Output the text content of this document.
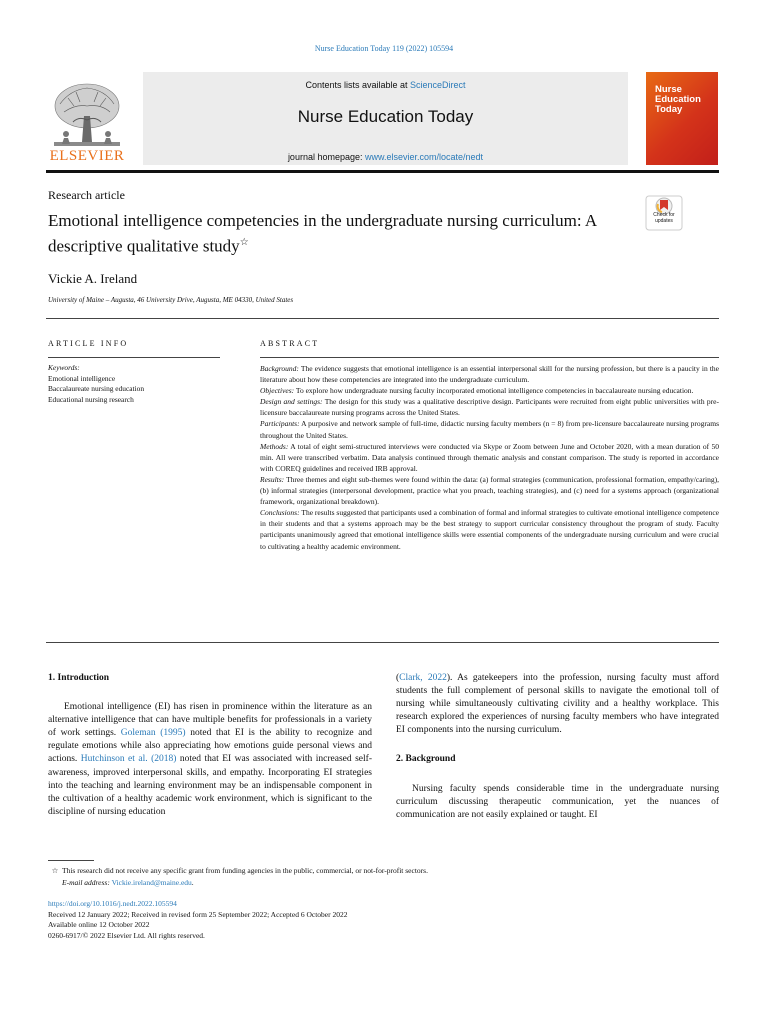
Nurse Education Today 119 (2022) 105594
Contents lists available at ScienceDirect
Nurse Education Today
journal homepage: www.elsevier.com/locate/nedt
ELSEVIER
Nurse
Education
Today
Research article
Emotional intelligence competencies in the undergraduate nursing curriculum: A descriptive qualitative study☆
Check for
updates
Vickie A. Ireland
University of Maine – Augusta, 46 University Drive, Augusta, ME 04330, United States
ARTICLE INFO	ABSTRACT
Keywords:
Emotional intelligence
Baccalaureate nursing education
Educational nursing research

Background: The evidence suggests that emotional intelligence is an essential interpersonal skill for the nursing profession, but there is a paucity in the literature about how these competencies are integrated into the undergraduate curriculum.

Objectives: To explore how undergraduate nursing faculty incorporated emotional intelligence competencies in baccalaureate nursing education.

Design and settings: The design for this study was a qualitative descriptive design. Participants were recruited from eight public universities with pre-licensure baccalaureate nursing programs across the United States.

Participants: A purposive and network sample of full-time, didactic nursing faculty members (n = 8) from pre-licensure baccalaureate nursing programs throughout the United States.

Methods: A total of eight semi-structured interviews were conducted via Skype or Zoom between June and October 2020, with a mean duration of 50 min. All were transcribed verbatim. Data analysis continued through thematic analysis and constant comparison. The study is reported in accordance with COREQ guidelines and received IRB approval.

Results: Three themes and eight sub-themes were found within the data: (a) formal strategies (communication, professional formation, empathy/caring), (b) informal strategies (interpersonal development, practice what you preach, teaching strategies), and (c) need for a systems approach (organizational framework, organizational breakdown).

Conclusions: The results suggested that participants used a combination of formal and informal strategies to cultivate emotional intelligence competence in their students and that a systems approach may be the best strategy to support curricular consistency throughout the program of study. Faculty participants unanimously agreed that emotional intelligence skills were essential components of the undergraduate nursing curriculum and were crucial to cultivating a healthy academic environment.

1. Introduction

Emotional intelligence (EI) has risen in prominence within the literature as an alternative intelligence that can have multiple benefits for professionals in a variety of work settings. Goleman (1995) noted that EI is the ability to recognize and regulate emotions while also appreciating how emotions guide personal views and actions. Hutchinson et al. (2018) noted that EI was associated with increased self-awareness, improved interpersonal skills, and empathy. Incorporating EI strategies into the teaching and learning environment may be an indispensable component in the cultivation of a healthy academic work environment, which is significant to the discipline of nursing education

(Clark, 2022). As gatekeepers into the profession, nursing faculty must afford students the full complement of personal skills to navigate the emotional toll of nursing while simultaneously cultivating civility and a healthy workplace. This research explored the experiences of nursing faculty members who have integrated EI components into the nursing curriculum.

2. Background

Nursing faculty spends considerable time in the undergraduate nursing curriculum discussing therapeutic communication, yet the nuances of communication are not easily explained or taught. EI

☆ This research did not receive any specific grant from funding agencies in the public, commercial, or not-for-profit sectors.
E-mail address: Vickie.ireland@maine.edu.
https://doi.org/10.1016/j.nedt.2022.105594
Received 12 January 2022; Received in revised form 25 September 2022; Accepted 6 October 2022
Available online 12 October 2022
0260-6917/© 2022 Elsevier Ltd. All rights reserved.
